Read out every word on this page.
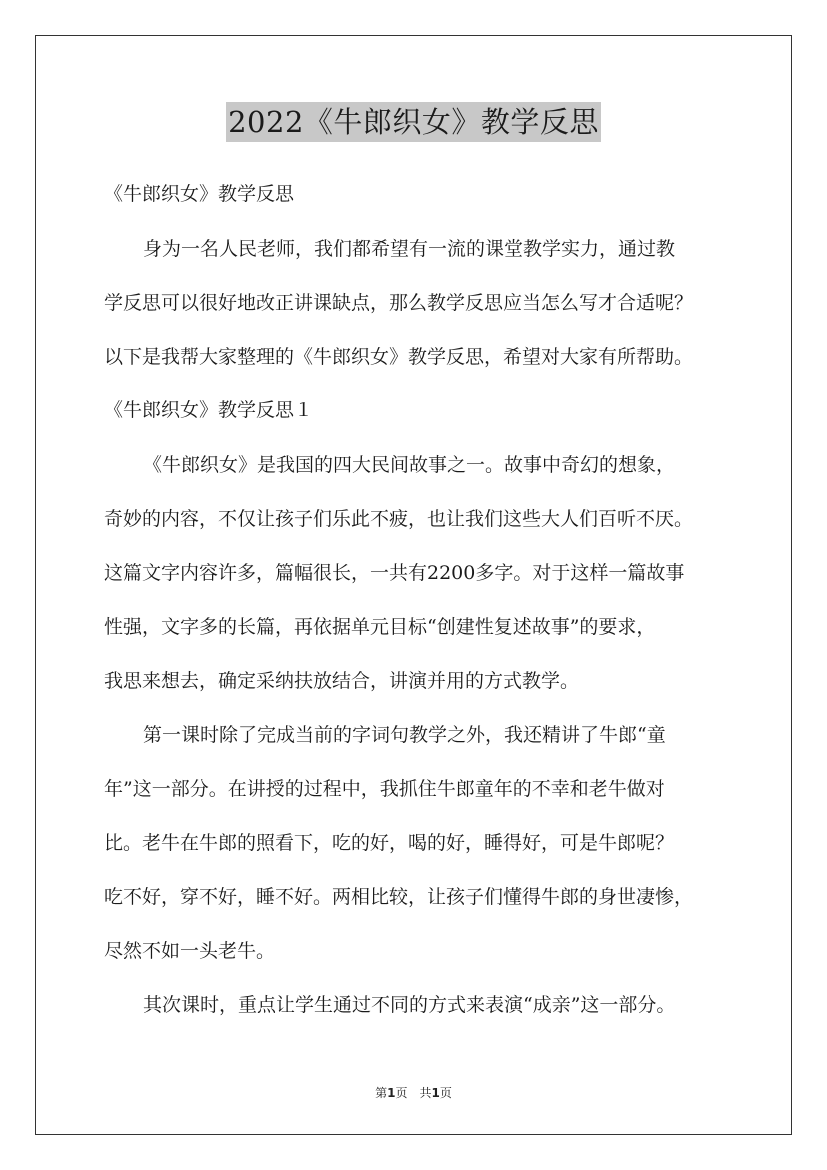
2022《牛郎织女》教学反思
《牛郎织女》教学反思
身为一名人民老师，我们都希望有一流的课堂教学实力，通过教
学反思可以很好地改正讲课缺点，那么教学反思应当怎么写才合适呢？
以下是我帮大家整理的《牛郎织女》教学反思，希望对大家有所帮助。
《牛郎织女》教学反思１
《牛郎织女》是我国的四大民间故事之一。故事中奇幻的想象，
奇妙的内容，不仅让孩子们乐此不疲，也让我们这些大人们百听不厌。
这篇文字内容许多，篇幅很长，一共有2200多字。对于这样一篇故事
性强，文字多的长篇，再依据单元目标“创建性复述故事”的要求，
我思来想去，确定采纳扶放结合，讲演并用的方式教学。
第一课时除了完成当前的字词句教学之外，我还精讲了牛郎“童
年”这一部分。在讲授的过程中，我抓住牛郎童年的不幸和老牛做对
比。老牛在牛郎的照看下，吃的好，喝的好，睡得好，可是牛郎呢？
吃不好，穿不好，睡不好。两相比较，让孩子们懂得牛郎的身世凄惨，
尽然不如一头老牛。
其次课时，重点让学生通过不同的方式来表演“成亲”这一部分。
第1页　共1页
